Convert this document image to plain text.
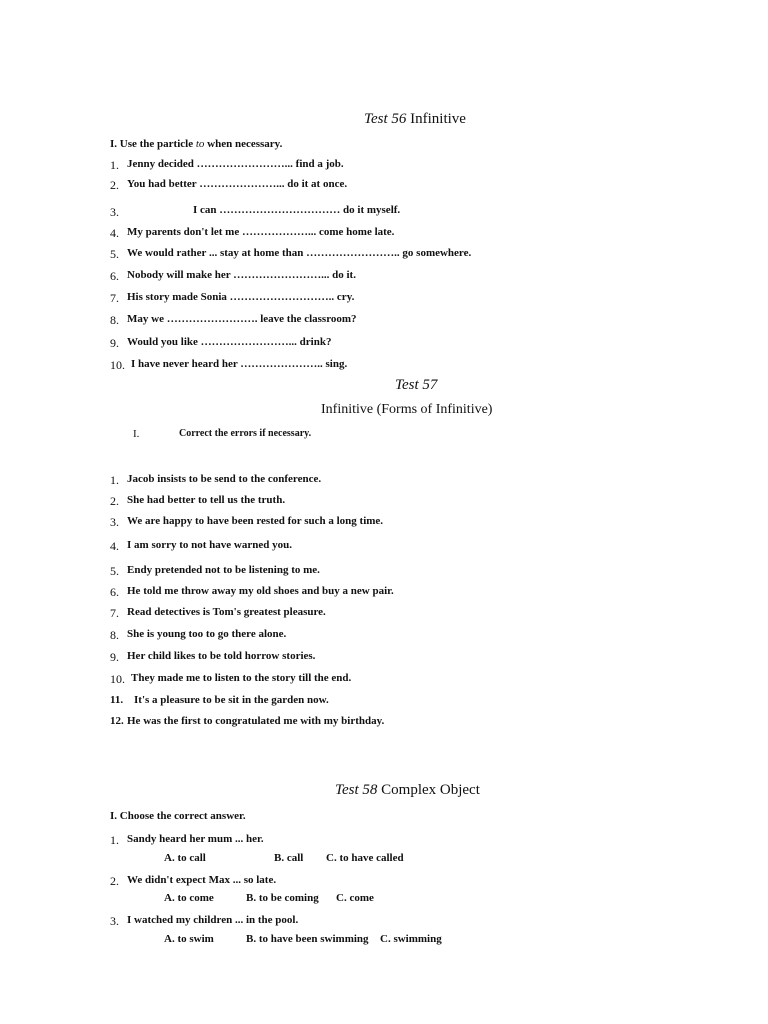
Test 56 Infinitive
I. Use the particle to when necessary.
1. Jenny decided ……………………... find a job.
2. You had better …………………... do it at once.
3.	I can …………………………… do it myself.
4. My parents don't let me ………………... come home late.
5. We would rather ... stay at home than …………………….. go somewhere.
6. Nobody will make her ……………………... do it.
7. His story made Sonia ……………………….. cry.
8. May we ……………………. leave the classroom?
9. Would you like ……………………... drink?
10. I have never heard her ………………….. sing.
Test 57
Infinitive (Forms of Infinitive)
I.	Correct the errors if necessary.
1. Jacob insists to be send to the conference.
2. She had better to tell us the truth.
3. We are happy to have been rested for such a long time.
4. I am sorry to not have warned you.
5. Endy pretended not to be listening to me.
6. He told me throw away my old shoes and buy a new pair.
7. Read detectives is Tom's greatest pleasure.
8. She is young too to go there alone.
9. Her child likes to be told horrow stories.
10. They made me to listen to the story till the end.
11. It's a pleasure to be sit in the garden now.
12. He was the first to congratulated me with my birthday.
Test 58 Complex Object
I. Choose the correct answer.
1. Sandy heard her mum ... her.
A. to call	B. call C. to have called
2. We didn't expect Max ... so late.
A. to come	B. to be coming C. come
3. I watched my children ... in the pool.
A. to swim	B. to have been swimming C. swimming
